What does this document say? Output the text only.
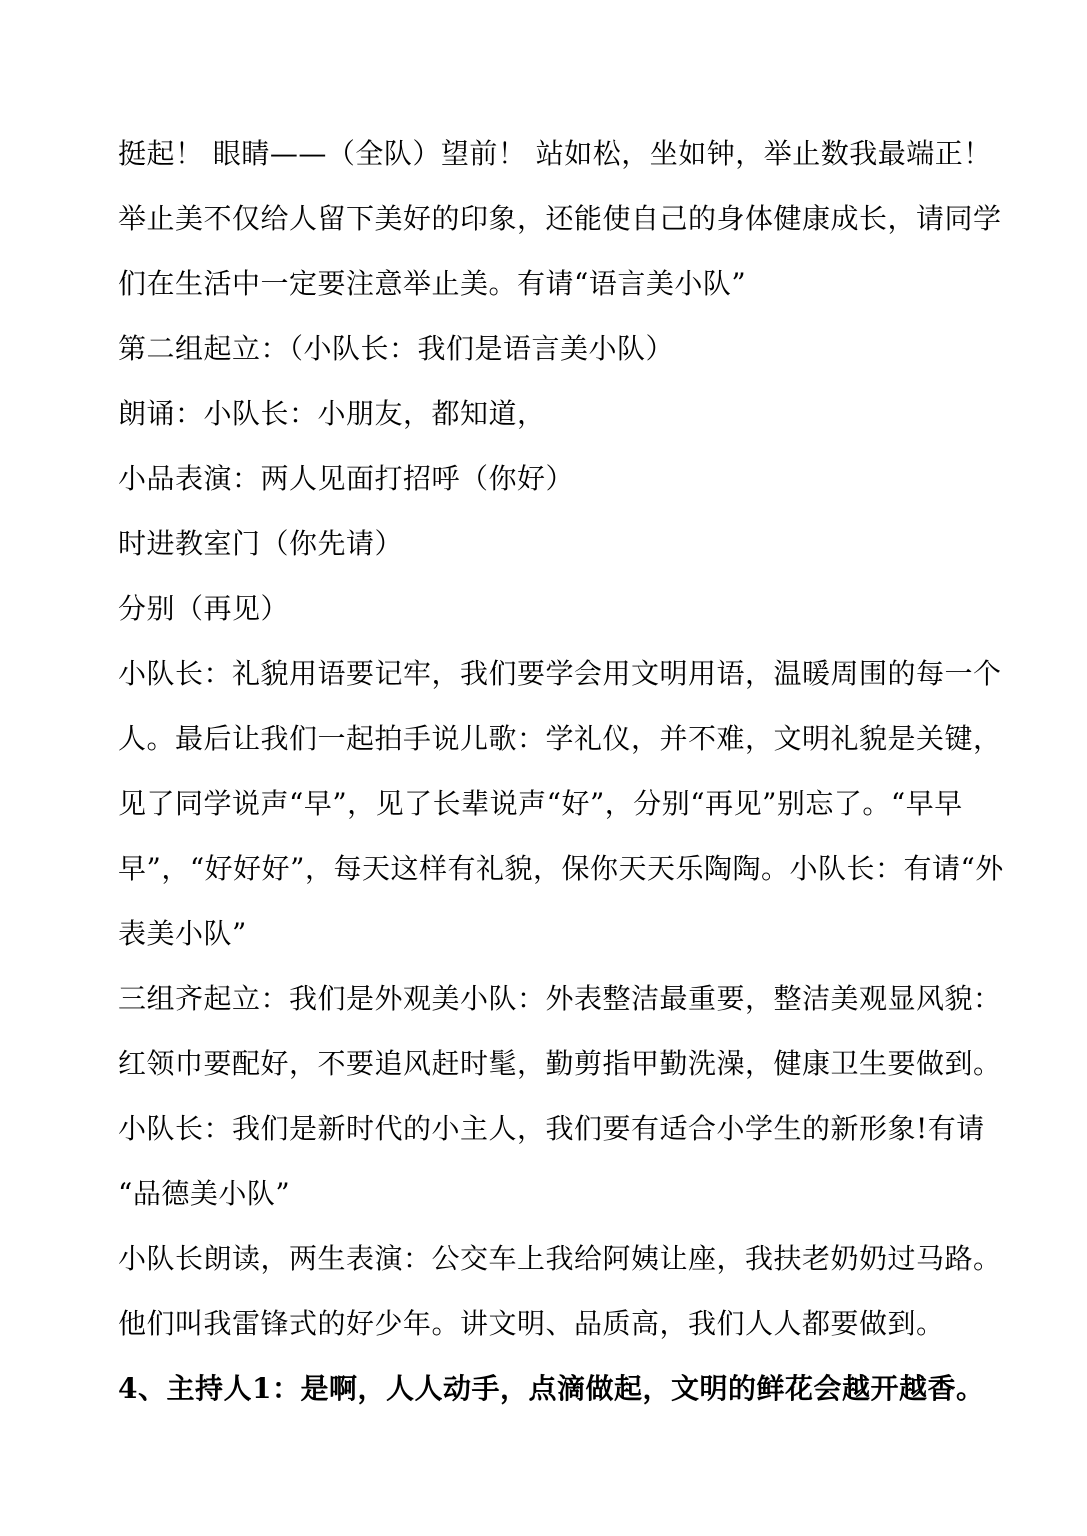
挺起！ 眼睛——（全队）望前！ 站如松，坐如钟，举止数我最端正！
举止美不仅给人留下美好的印象，还能使自己的身体健康成长，请同学
们在生活中一定要注意举止美。有请“语言美小队”
第二组起立：（小队长：我们是语言美小队）
朗诵：小队长：小朋友，都知道，
小品表演：两人见面打招呼（你好）
时进教室门（你先请）
分别（再见）
小队长：礼貌用语要记牢，我们要学会用文明用语，温暖周围的每一个
人。最后让我们一起拍手说儿歌：学礼仪，并不难，文明礼貌是关键，
见了同学说声“早”，见了长辈说声“好”，分别“再见”别忘了。“早早
早”，“好好好”，每天这样有礼貌，保你天天乐陶陶。小队长：有请“外
表美小队”
三组齐起立：我们是外观美小队：外表整洁最重要，整洁美观显风貌：
红领巾要配好，不要追风赶时髦，勤剪指甲勤洗澡，健康卫生要做到。
小队长：我们是新时代的小主人，我们要有适合小学生的新形象!有请
“品德美小队”
小队长朗读，两生表演：公交车上我给阿姨让座，我扶老奶奶过马路。
他们叫我雷锋式的好少年。讲文明、品质高，我们人人都要做到。
4、主持人1：是啊，人人动手，点滴做起，文明的鲜花会越开越香。
